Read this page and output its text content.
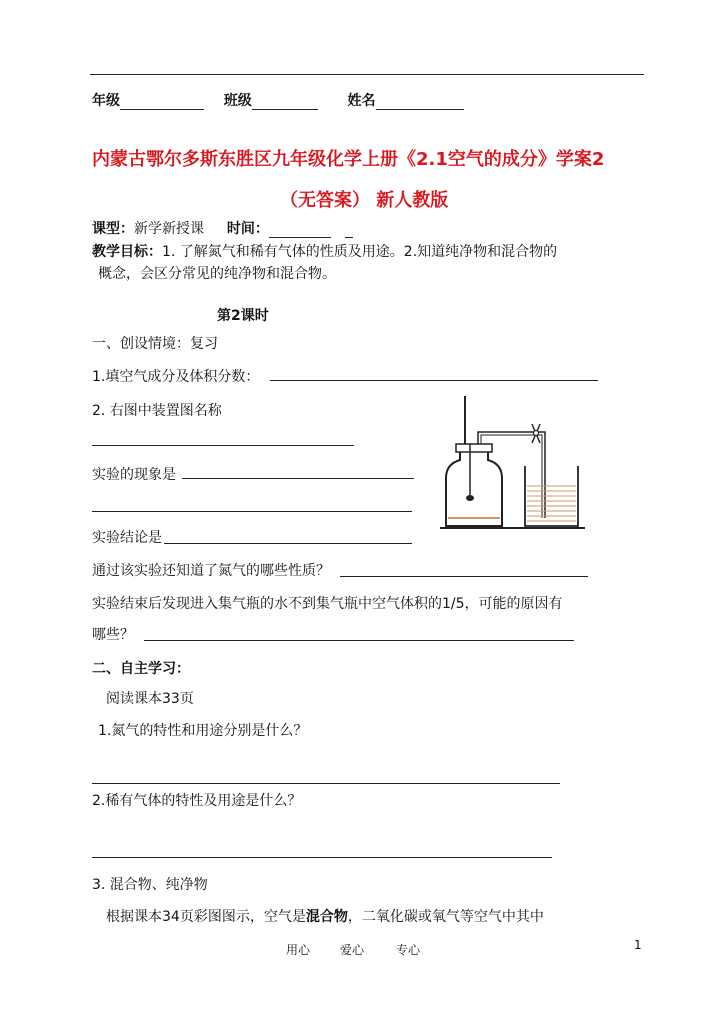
年级	班级	姓名
内蒙古鄂尔多斯东胜区九年级化学上册《2.1空气的成分》学案2
（无答案） 新人教版
课型：新学新授课 时间：
教学目标：1. 了解氮气和稀有气体的性质及用途。2.知道纯净物和混合物的
概念，会区分常见的纯净物和混合物。
第2课时
一、创设情境：复习
1.填空气成分及体积分数：
2. 右图中装置图名称
实验的现象是
实验结论是
通过该实验还知道了氮气的哪些性质？
实验结束后发现进入集气瓶的水不到集气瓶中空气体积的1/5，可能的原因有
哪些？
二、自主学习：
阅读课本33页
1.氮气的特性和用途分别是什么？
2.稀有气体的特性及用途是什么？
3. 混合物、纯净物
根据课本34页彩图图示，空气是混合物，二氧化碳或氧气等空气中其中
用心 爱心	专心	1
